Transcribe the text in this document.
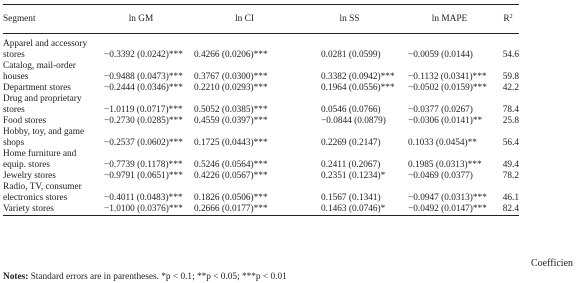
Segment	ln GM	ln CI	ln SS	ln MAPE	$R^2$
Apparel and accessory					
stores	−0.3392 (0.0242)***	0.4266 (0.0206)***	0.0281 (0.0599)	−0.0059 (0.0144)	54.6
Catalog, mail-order					
houses	−0.9488 (0.0473)***	0.3767 (0.0300)***	0.3382 (0.0942)***	−0.1132 (0.0341)***	59.8
Department stores	−0.2444 (0.0346)***	0.2210 (0.0293)***	0.1964 (0.0556)***	−0.0502 (0.0159)***	42.2
Drug and proprietary					
stores	−1.0119 (0.0717)***	0.5052 (0.0385)***	0.0546 (0.0766)	−0.0377 (0.0267)	78.4
Food stores	−0.2730 (0.0285)***	0.4559 (0.0397)***	−0.0844 (0.0879)	−0.0306 (0.0141)**	25.8
Hobby, toy, and game					
shops	−0.2537 (0.0602)***	0.1725 (0.0443)***	0.2269 (0.2147)	0.1033 (0.0454)**	56.4
Home furniture and					
equip. stores	−0.7739 (0.1178)***	0.5246 (0.0564)***	0.2411 (0.2067)	0.1985 (0.0313)***	49.4
Jewelry stores	−0.9791 (0.0651)***	0.4226 (0.0567)***	0.2351 (0.1234)*	−0.0469 (0.0377)	78.2
Radio, TV, consumer					
electronics stores	−0.4011 (0.0483)***	0.1826 (0.0506)***	0.1567 (0.1341)	−0.0947 (0.0313)***	46.1
Variety stores	−1.0100 (0.0376)***	0.2666 (0.0177)***	0.1463 (0.0746)*	−0.0492 (0.0147)***	82.4
Notes: Standard errors are in parentheses. *p < 0.1; **p < 0.05; ***p < 0.01
Coefficien
